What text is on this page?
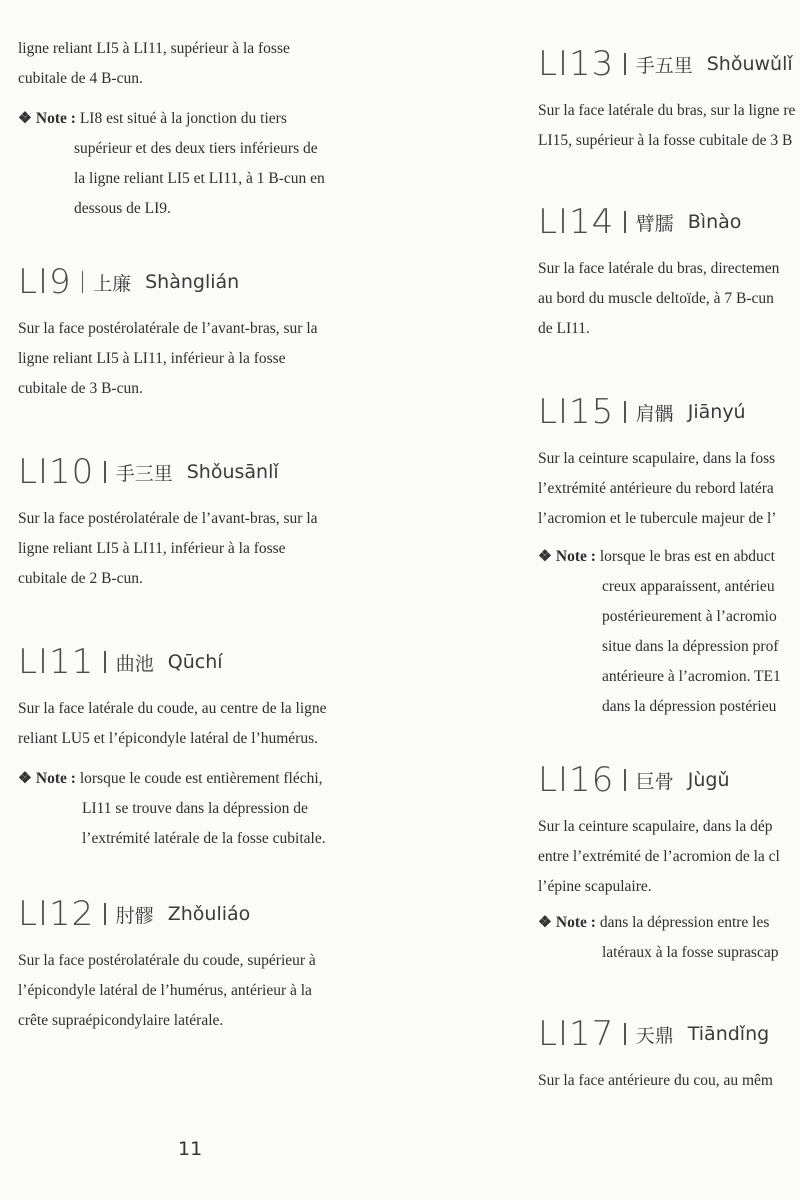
ligne reliant LI5 à LI11, supérieur à la fosse
cubitale de 4 B-cun.
❖ Note : LI8 est situé à la jonction du tiers
supérieur et des deux tiers inférieurs de
la ligne reliant LI5 et LI11, à 1 B-cun en
dessous de LI9.
LI9 上廉 Shànglián
Sur la face postérolatérale de l’avant-bras, sur la
ligne reliant LI5 à LI11, inférieur à la fosse
cubitale de 3 B-cun.
LI10 手三里 Shǒusānlǐ
Sur la face postérolatérale de l’avant-bras, sur la
ligne reliant LI5 à LI11, inférieur à la fosse
cubitale de 2 B-cun.
LI11 曲池 Qūchí
Sur la face latérale du coude, au centre de la ligne
reliant LU5 et l’épicondyle latéral de l’humérus.
❖ Note : lorsque le coude est entièrement fléchi,
LI11 se trouve dans la dépression de
l’extrémité latérale de la fosse cubitale.
LI12 肘髎 Zhǒuliáo
Sur la face postérolatérale du coude, supérieur à
l’épicondyle latéral de l’humérus, antérieur à la
crête supraépicondylaire latérale.
LI13 手五里 Shǒuwǔlǐ
Sur la face latérale du bras, sur la ligne re
LI15, supérieur à la fosse cubitale de 3 B
LI14 臂臑 Bìnào
Sur la face latérale du bras, directemen
au bord du muscle deltoïde, à 7 B-cun
de LI11.
LI15 肩髃 Jiānyú
Sur la ceinture scapulaire, dans la foss
l’extrémité antérieure du rebord latéra
l’acromion et le tubercule majeur de l’
❖ Note : lorsque le bras est en abduct
creux apparaissent, antérieu
postérieurement à l’acromio
situe dans la dépression prof
antérieure à l’acromion. TE1
dans la dépression postérieu
LI16 巨骨 Jùgǔ
Sur la ceinture scapulaire, dans la dép
entre l’extrémité de l’acromion de la cl
l’épine scapulaire.
❖ Note : dans la dépression entre les
latéraux à la fosse suprascap
LI17 天鼎 Tiāndǐng
Sur la face antérieure du cou, au mêm
11
